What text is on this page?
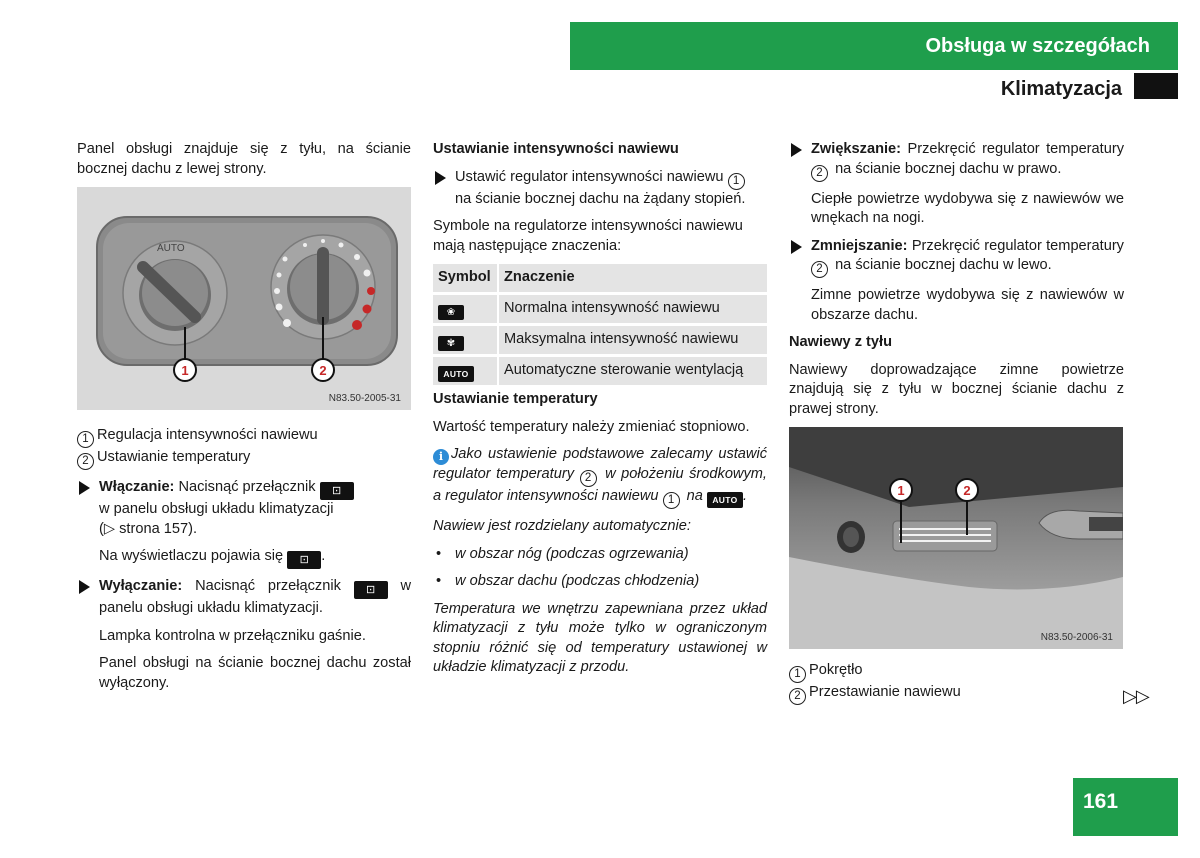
Obsługa w szczegółach
Klimatyzacja

Panel obsługi znajduje się z tyłu, na ścianie bocznej dachu z lewej strony.

AUTO
1	2
N83.50-2005-31
1 Regulacja intensywności nawiewu
2 Ustawianie temperatury
Włączanie: Nacisnąć przełącznik ⊡
w panelu obsługi układu klimatyzacji
(▷ strona 157).

Na wyświetlaczu pojawia się ⊡ .

Wyłączanie: Nacisnąć przełącznik ⊡ w panelu obsługi układu klimatyzacji.

Lampka kontrolna w przełączniku gaśnie.

Panel obsługi na ścianie bocznej dachu został wyłączony.

Ustawianie intensywności nawiewu
Ustawić regulator intensywności nawiewu 1 na ścianie bocznej dachu na żądany stopień.

Symbole na regulatorze intensywności nawiewu mają następujące znaczenia:

Symbol	Znaczenie
❀	Normalna intensywność nawiewu
✾	Maksymalna intensywność nawiewu
AUTO	Automatyczne sterowanie wentylacją
Ustawianie temperatury

Wartość temperatury należy zmieniać stopniowo.

i Jako ustawienie podstawowe zalecamy ustawić regulator temperatury 2 w położeniu środkowym, a regulator intensywności nawiewu 1 na AUTO .

Nawiew jest rozdzielany automatycznie:

• w obszar nóg (podczas ogrzewania)
• w obszar dachu (podczas chłodzenia)

Temperatura we wnętrzu zapewniana przez układ klimatyzacji z tyłu może tylko w ograniczonym stopniu różnić się od temperatury ustawionej w układzie klimatyzacji z przodu.

Zwiększanie: Przekręcić regulator temperatury 2 na ścianie bocznej dachu w prawo.

Ciepłe powietrze wydobywa się z nawiewów we wnękach na nogi.

Zmniejszanie: Przekręcić regulator temperatury 2 na ścianie bocznej dachu w lewo.

Zimne powietrze wydobywa się z nawiewów w obszarze dachu.

Nawiewy z tyłu

Nawiewy doprowadzające zimne powietrze znajdują się z tyłu w bocznej ścianie dachu z prawej strony.

1	2
N83.50-2006-31
1 Pokrętło
2 Przestawianie nawiewu	▷▷
161
